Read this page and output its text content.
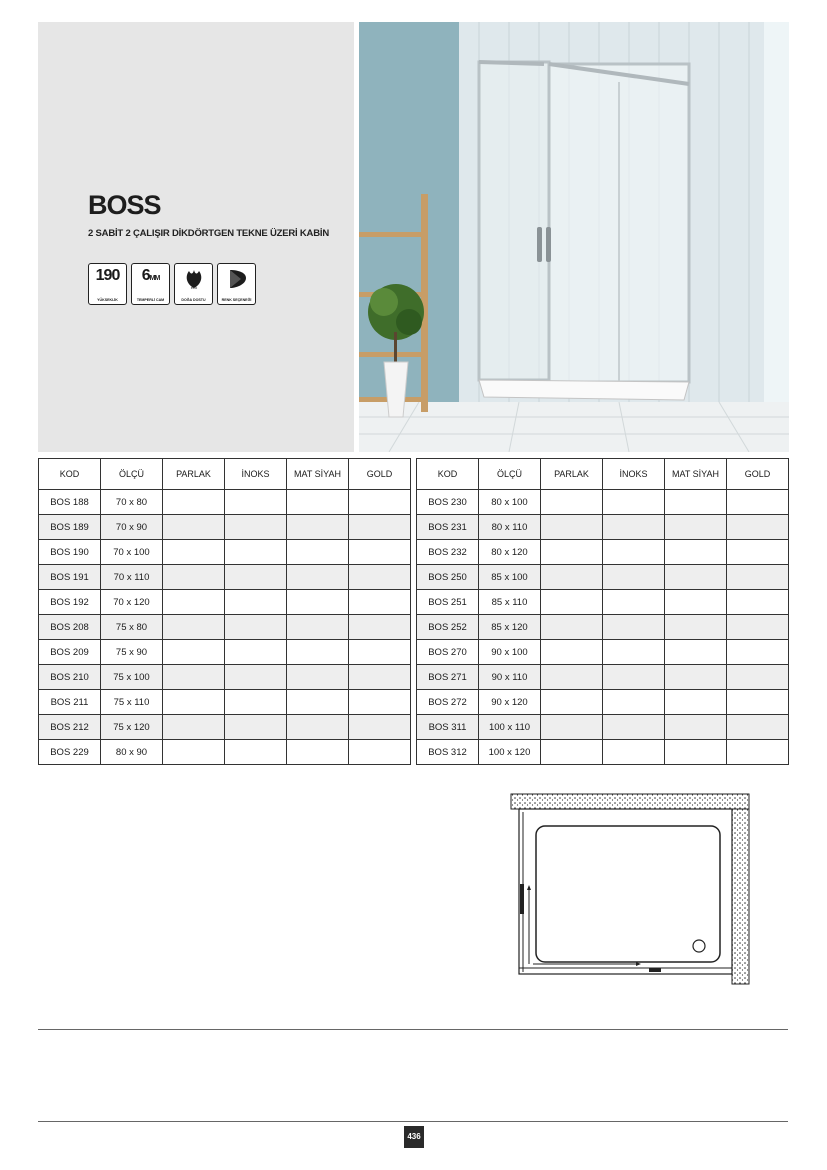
BOSS
2 SABİT 2 ÇALIŞIR DİKDÖRTGEN TEKNE ÜZERİ KABİN
190
YÜKSEKLİK
6MM
TEMPERLİ CAM
eco
DOĞA DOSTU	RENK SEÇENEĞİ
KOD	ÖLÇÜ	PARLAK	İNOKS	MAT SİYAH	GOLD
BOS 188	70 x 80				
BOS 189	70 x 90				
BOS 190	70 x 100				
BOS 191	70 x 110				
BOS 192	70 x 120				
BOS 208	75 x 80				
BOS 209	75 x 90				
BOS 210	75 x 100				
BOS 211	75 x 110				
BOS 212	75 x 120				
BOS 229	80 x 90				
KOD	ÖLÇÜ	PARLAK	İNOKS	MAT SİYAH	GOLD
BOS 230	80 x 100				
BOS 231	80 x 110				
BOS 232	80 x 120				
BOS 250	85 x 100				
BOS 251	85 x 110				
BOS 252	85 x 120				
BOS 270	90 x 100				
BOS 271	90 x 110				
BOS 272	90 x 120				
BOS 311	100 x 110				
BOS 312	100 x 120				
436
